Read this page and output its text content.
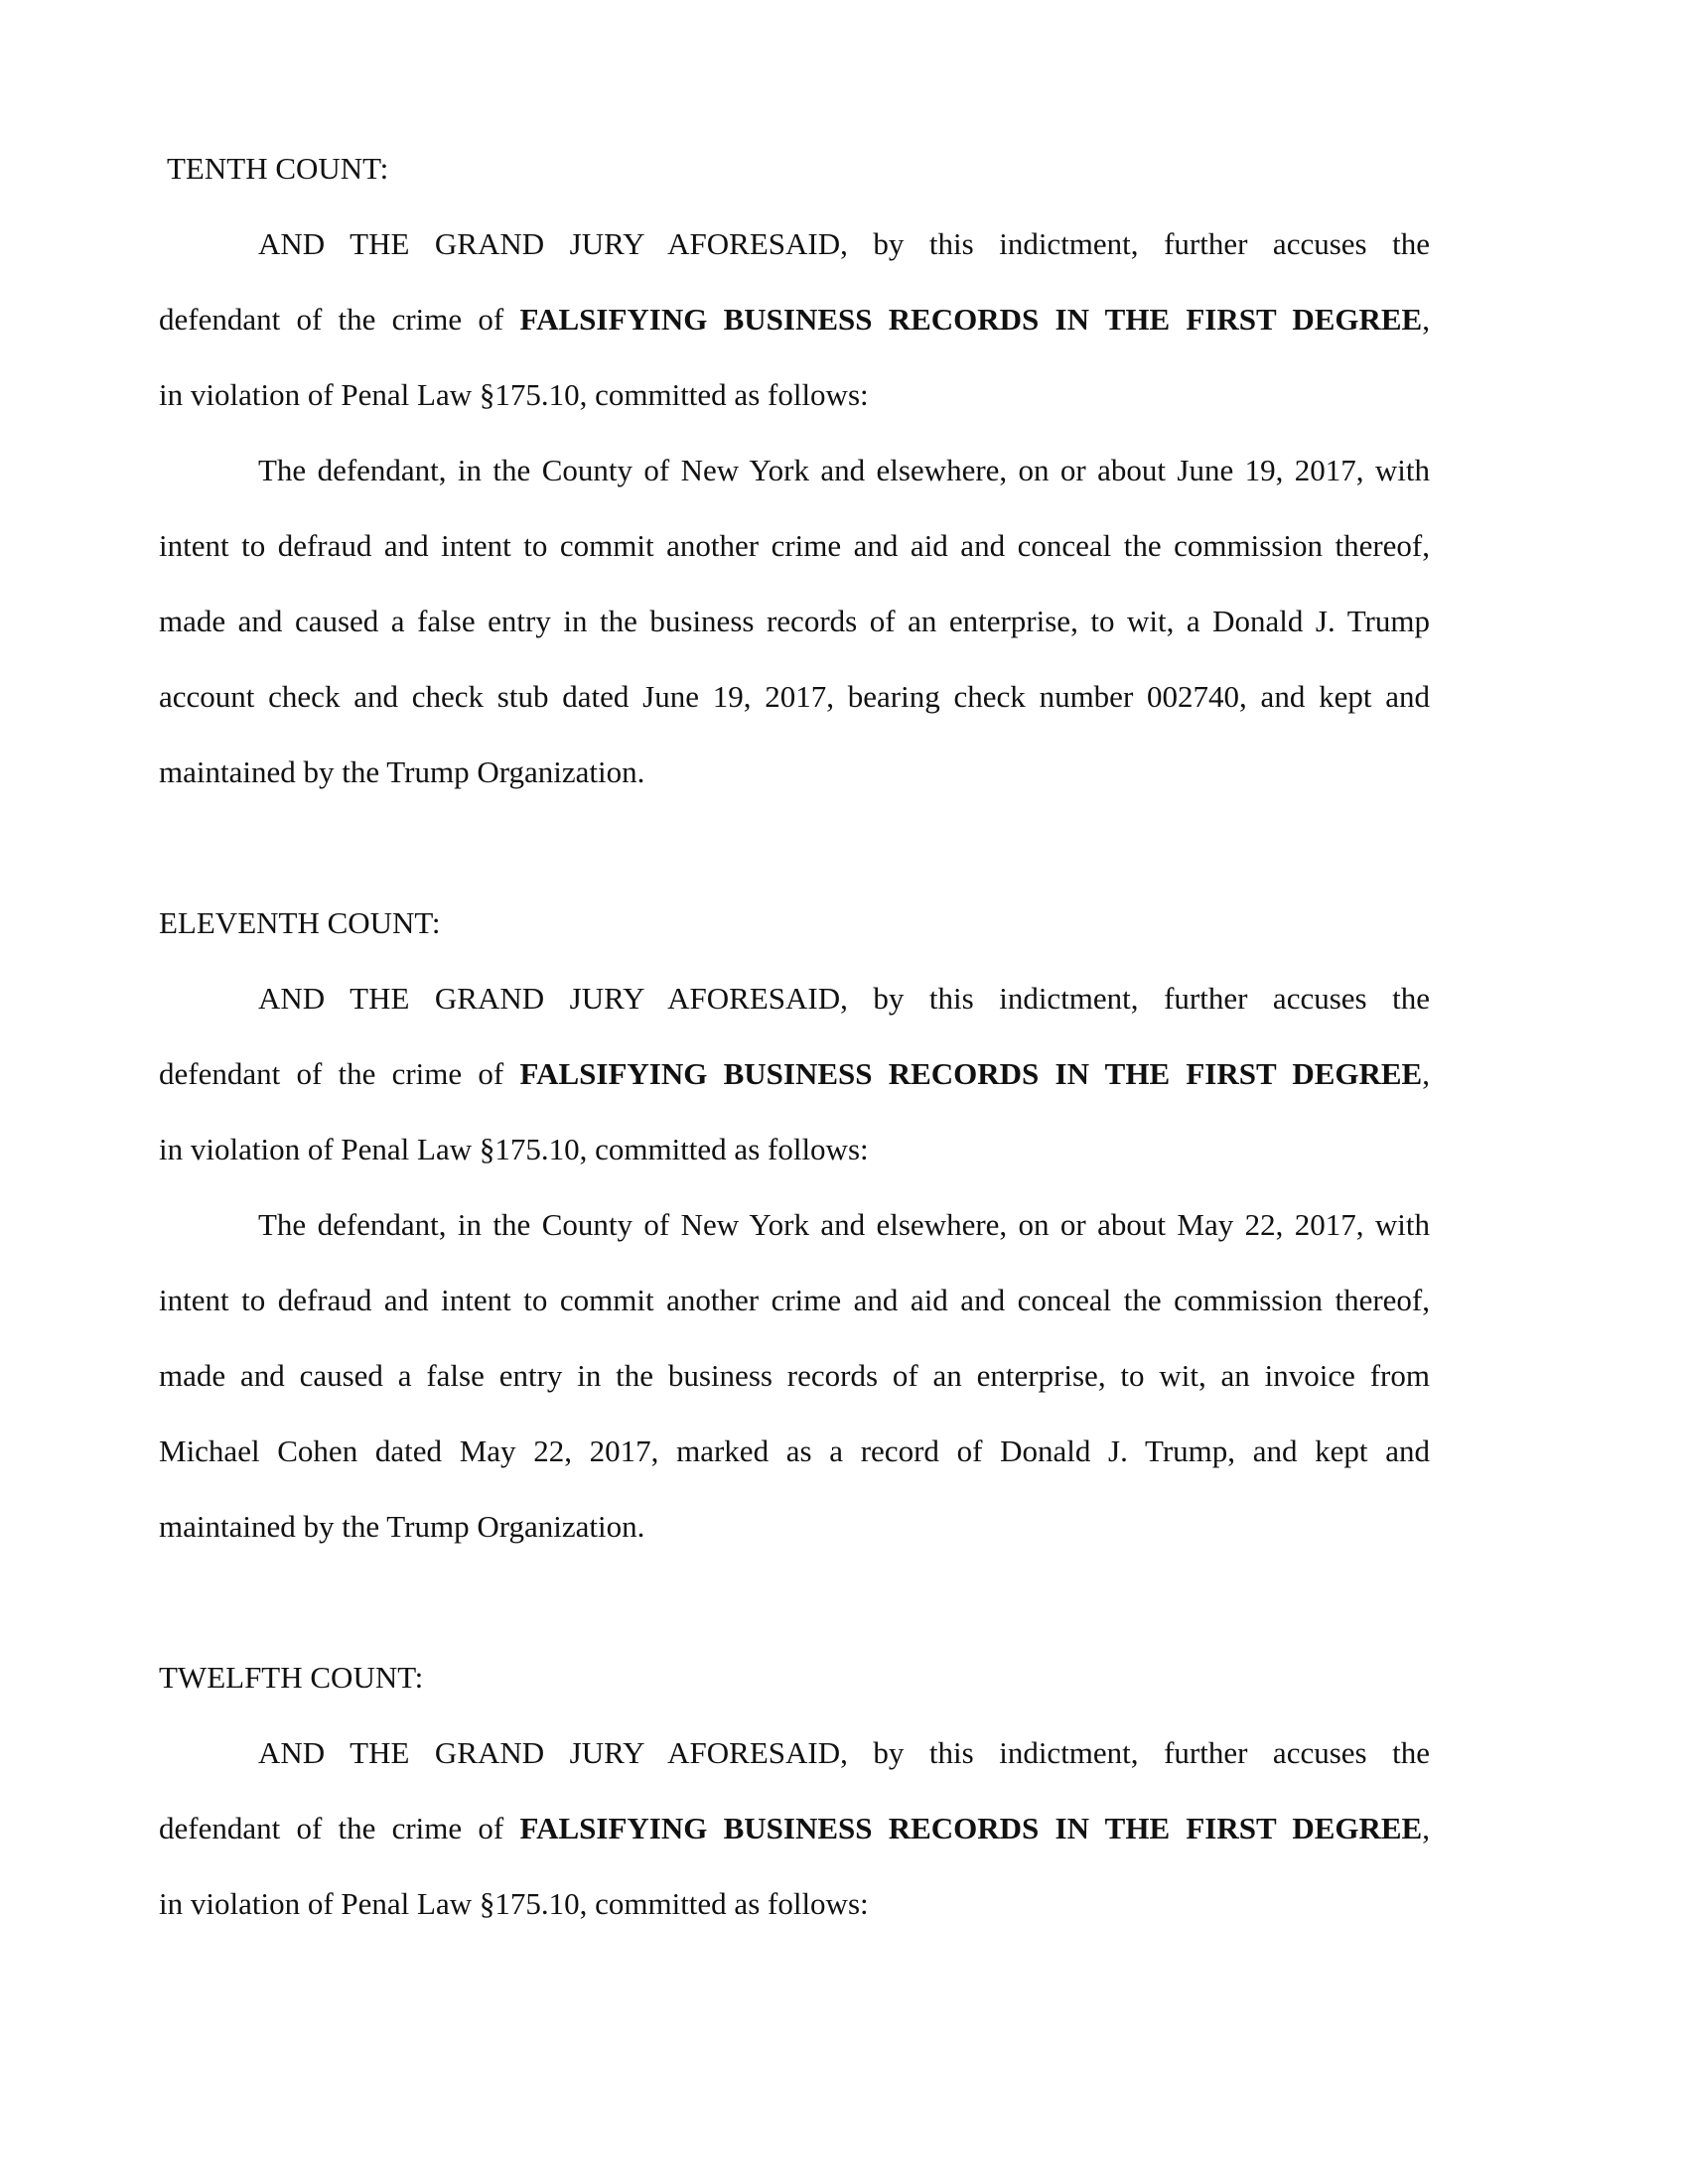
TENTH COUNT:
AND THE GRAND JURY AFORESAID, by this indictment, further accuses the
defendant of the crime of FALSIFYING BUSINESS RECORDS IN THE FIRST DEGREE,
in violation of Penal Law §175.10, committed as follows:
The defendant, in the County of New York and elsewhere, on or about June 19, 2017, with
intent to defraud and intent to commit another crime and aid and conceal the commission thereof,
made and caused a false entry in the business records of an enterprise, to wit, a Donald J. Trump
account check and check stub dated June 19, 2017, bearing check number 002740, and kept and
maintained by the Trump Organization.
ELEVENTH COUNT:
AND THE GRAND JURY AFORESAID, by this indictment, further accuses the
defendant of the crime of FALSIFYING BUSINESS RECORDS IN THE FIRST DEGREE,
in violation of Penal Law §175.10, committed as follows:
The defendant, in the County of New York and elsewhere, on or about May 22, 2017, with
intent to defraud and intent to commit another crime and aid and conceal the commission thereof,
made and caused a false entry in the business records of an enterprise, to wit, an invoice from
Michael Cohen dated May 22, 2017, marked as a record of Donald J. Trump, and kept and
maintained by the Trump Organization.
TWELFTH COUNT:
AND THE GRAND JURY AFORESAID, by this indictment, further accuses the
defendant of the crime of FALSIFYING BUSINESS RECORDS IN THE FIRST DEGREE,
in violation of Penal Law §175.10, committed as follows:
